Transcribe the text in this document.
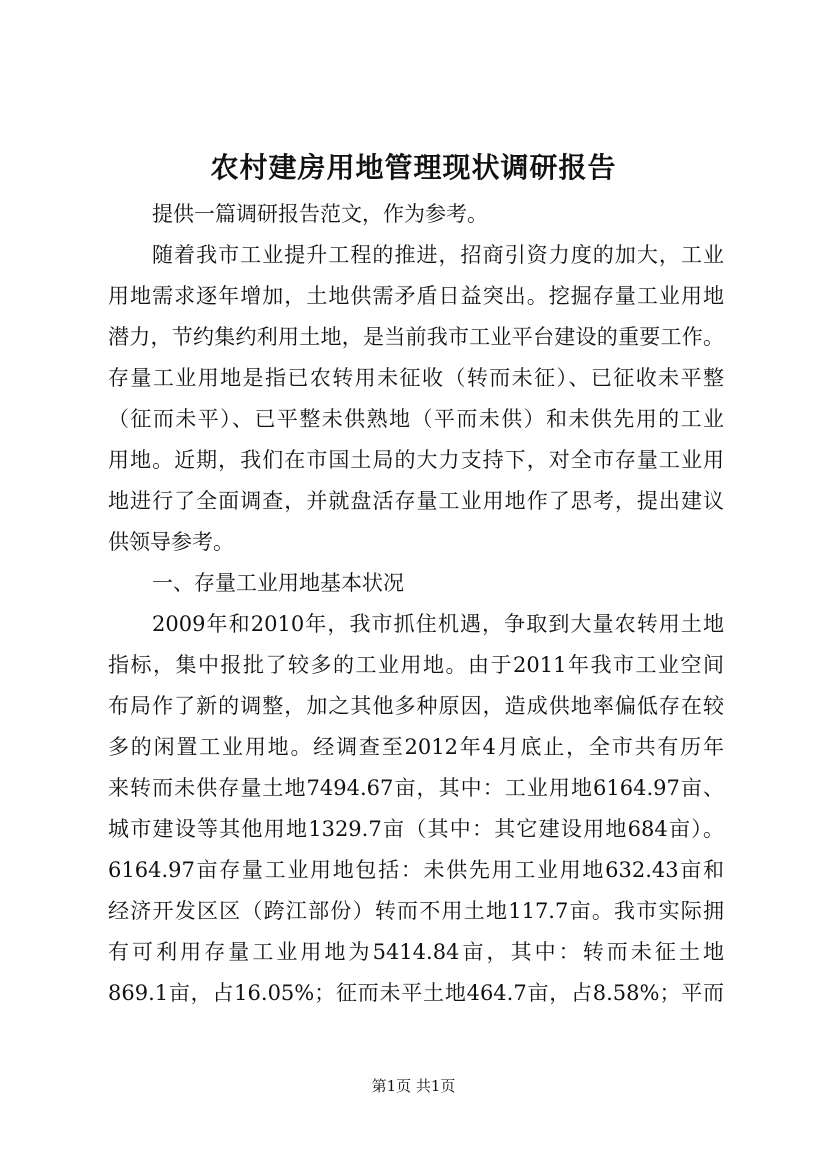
农村建房用地管理现状调研报告
提供一篇调研报告范文，作为参考。
随着我市工业提升工程的推进，招商引资力度的加大，工业
用地需求逐年增加，土地供需矛盾日益突出。挖掘存量工业用地
潜力，节约集约利用土地，是当前我市工业平台建设的重要工作。
存量工业用地是指已农转用未征收（转而未征）、已征收未平整
（征而未平）、已平整未供熟地（平而未供）和未供先用的工业
用地。近期，我们在市国土局的大力支持下，对全市存量工业用
地进行了全面调查，并就盘活存量工业用地作了思考，提出建议
供领导参考。
一、存量工业用地基本状况
2009年和2010年，我市抓住机遇，争取到大量农转用土地
指标，集中报批了较多的工业用地。由于2011年我市工业空间
布局作了新的调整，加之其他多种原因，造成供地率偏低存在较
多的闲置工业用地。经调查至2012年4月底止，全市共有历年
来转而未供存量土地7494.67亩，其中：工业用地6164.97亩、
城市建设等其他用地1329.7亩（其中：其它建设用地684亩）。
6164.97亩存量工业用地包括：未供先用工业用地632.43亩和
经济开发区区（跨江部份）转而不用土地117.7亩。我市实际拥
有可利用存量工业用地为5414.84亩，其中：转而未征土地
869.1亩，占16.05%；征而未平土地464.7亩，占8.58%；平而
第1页 共1页
